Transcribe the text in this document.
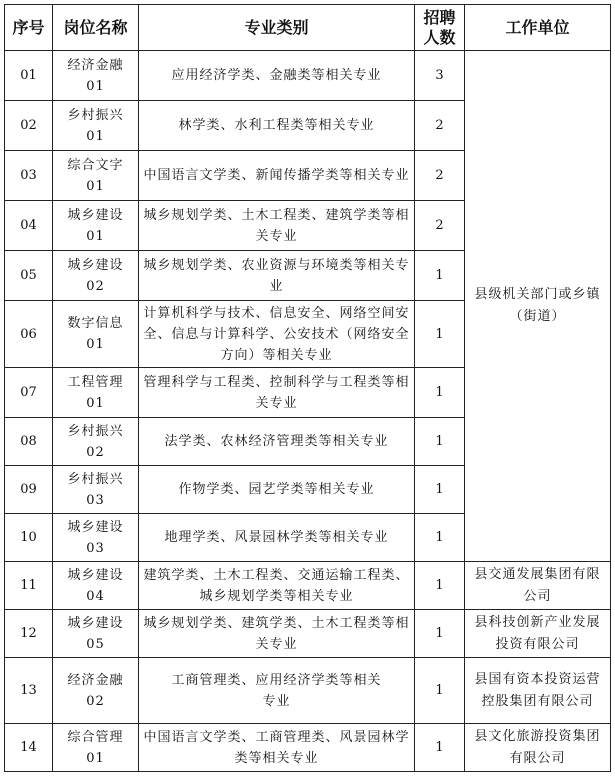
序号	岗位名称	专业类别	招聘人数	工作单位
01	经济金融01	应用经济学类、金融类等相关专业	3	县级机关部门或乡镇（街道）
02	乡村振兴01	林学类、水利工程类等相关专业	2	
03	综合文字01	中国语言文学类、新闻传播学类等相关专业	2	
04	城乡建设01	城乡规划学类、土木工程类、建筑学类等相关专业	2	
05	城乡建设02	城乡规划学类、农业资源与环境类等相关专业	1	
06	数字信息01	计算机科学与技术、信息安全、网络空间安全、信息与计算科学、公安技术（网络安全方向）等相关专业	1	
07	工程管理01	管理科学与工程类、控制科学与工程类等相关专业	1	
08	乡村振兴02	法学类、农林经济管理类等相关专业	1	
09	乡村振兴03	作物学类、园艺学类等相关专业	1	
10	城乡建设03	地理学类、风景园林学类等相关专业	1	
11	城乡建设04	建筑学类、土木工程类、交通运输工程类、城乡规划学类等相关专业	1	县交通发展集团有限公司
12	城乡建设05	城乡规划学类、建筑学类、土木工程类等相关专业	1	县科技创新产业发展投资有限公司
13	经济金融02	工商管理类、应用经济学类等相关专业	1	县国有资本投资运营控股集团有限公司
14	综合管理01	中国语言文学类、工商管理类、风景园林学类等相关专业	1	县文化旅游投资集团有限公司
